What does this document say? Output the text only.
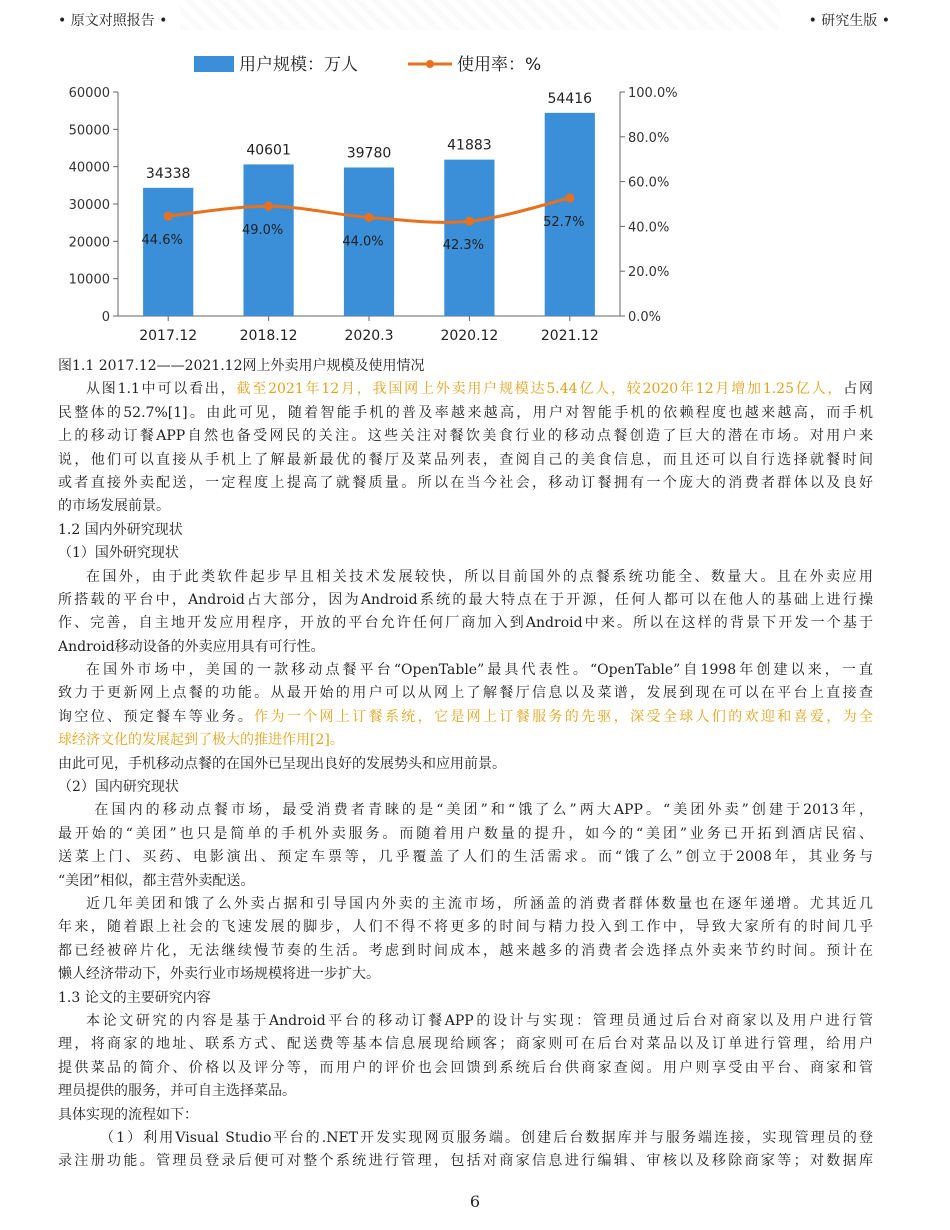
• 原文对照报告 •	• 研究生版 •
用户规模：万人	使用率：%
0
10000
20000
30000
40000
50000
60000
0.0%
20.0%
40.0%
60.0%
80.0%
100.0%
34338
40601	39780	41883
54416
2017.12	2018.12	2020.3	2020.12	2021.12
44.6%
49.0%
44.0%	42.3%
52.7%
图1.1 2017.12——2021.12网上外卖用户规模及使用情况
从图1.1中可以看出，截至2021年12月，我国网上外卖用户规模达5.44亿人，较2020年12月增加1.25亿人，占网
民整体的52.7%[1]。由此可见，随着智能手机的普及率越来越高，用户对智能手机的依赖程度也越来越高，而手机
上的移动订餐APP自然也备受网民的关注。这些关注对餐饮美食行业的移动点餐创造了巨大的潜在市场。对用户来
说，他们可以直接从手机上了解最新最优的餐厅及菜品列表，查阅自己的美食信息，而且还可以自行选择就餐时间
或者直接外卖配送，一定程度上提高了就餐质量。所以在当今社会，移动订餐拥有一个庞大的消费者群体以及良好
的市场发展前景。
1.2 国内外研究现状
（1）国外研究现状
在国外，由于此类软件起步早且相关技术发展较快，所以目前国外的点餐系统功能全、数量大。且在外卖应用
所搭载的平台中，Android占大部分，因为Android系统的最大特点在于开源，任何人都可以在他人的基础上进行操
作、完善，自主地开发应用程序，开放的平台允许任何厂商加入到Android中来。所以在这样的背景下开发一个基于
Android移动设备的外卖应用具有可行性。
在国外市场中，美国的一款移动点餐平台“OpenTable”最具代表性。“OpenTable”自1998年创建以来，一直
致力于更新网上点餐的功能。从最开始的用户可以从网上了解餐厅信息以及菜谱，发展到现在可以在平台上直接查
询空位、预定餐车等业务。作为一个网上订餐系统，它是网上订餐服务的先驱，深受全球人们的欢迎和喜爱，为全
球经济文化的发展起到了极大的推进作用[2]。
由此可见，手机移动点餐的在国外已呈现出良好的发展势头和应用前景。
（2）国内研究现状
在国内的移动点餐市场，最受消费者青睐的是“美团”和“饿了么”两大APP。“美团外卖”创建于2013年，
最开始的“美团”也只是简单的手机外卖服务。而随着用户数量的提升，如今的“美团”业务已开拓到酒店民宿、
送菜上门、买药、电影演出、预定车票等，几乎覆盖了人们的生活需求。而“饿了么”创立于2008年，其业务与
“美团”相似，都主营外卖配送。
近几年美团和饿了么外卖占据和引导国内外卖的主流市场，所涵盖的消费者群体数量也在逐年递增。尤其近几
年来，随着跟上社会的飞速发展的脚步，人们不得不将更多的时间与精力投入到工作中，导致大家所有的时间几乎
都已经被碎片化，无法继续慢节奏的生活。考虑到时间成本，越来越多的消费者会选择点外卖来节约时间。预计在
懒人经济带动下，外卖行业市场规模将进一步扩大。
1.3 论文的主要研究内容
本论文研究的内容是基于Android平台的移动订餐APP的设计与实现：管理员通过后台对商家以及用户进行管
理，将商家的地址、联系方式、配送费等基本信息展现给顾客；商家则可在后台对菜品以及订单进行管理，给用户
提供菜品的简介、价格以及评分等，而用户的评价也会回馈到系统后台供商家查阅。用户则享受由平台、商家和管
理员提供的服务，并可自主选择菜品。
具体实现的流程如下：
（1）利用Visual Studio平台的.NET开发实现网页服务端。创建后台数据库并与服务端连接，实现管理员的登
录注册功能。管理员登录后便可对整个系统进行管理，包括对商家信息进行编辑、审核以及移除商家等；对数据库
6
